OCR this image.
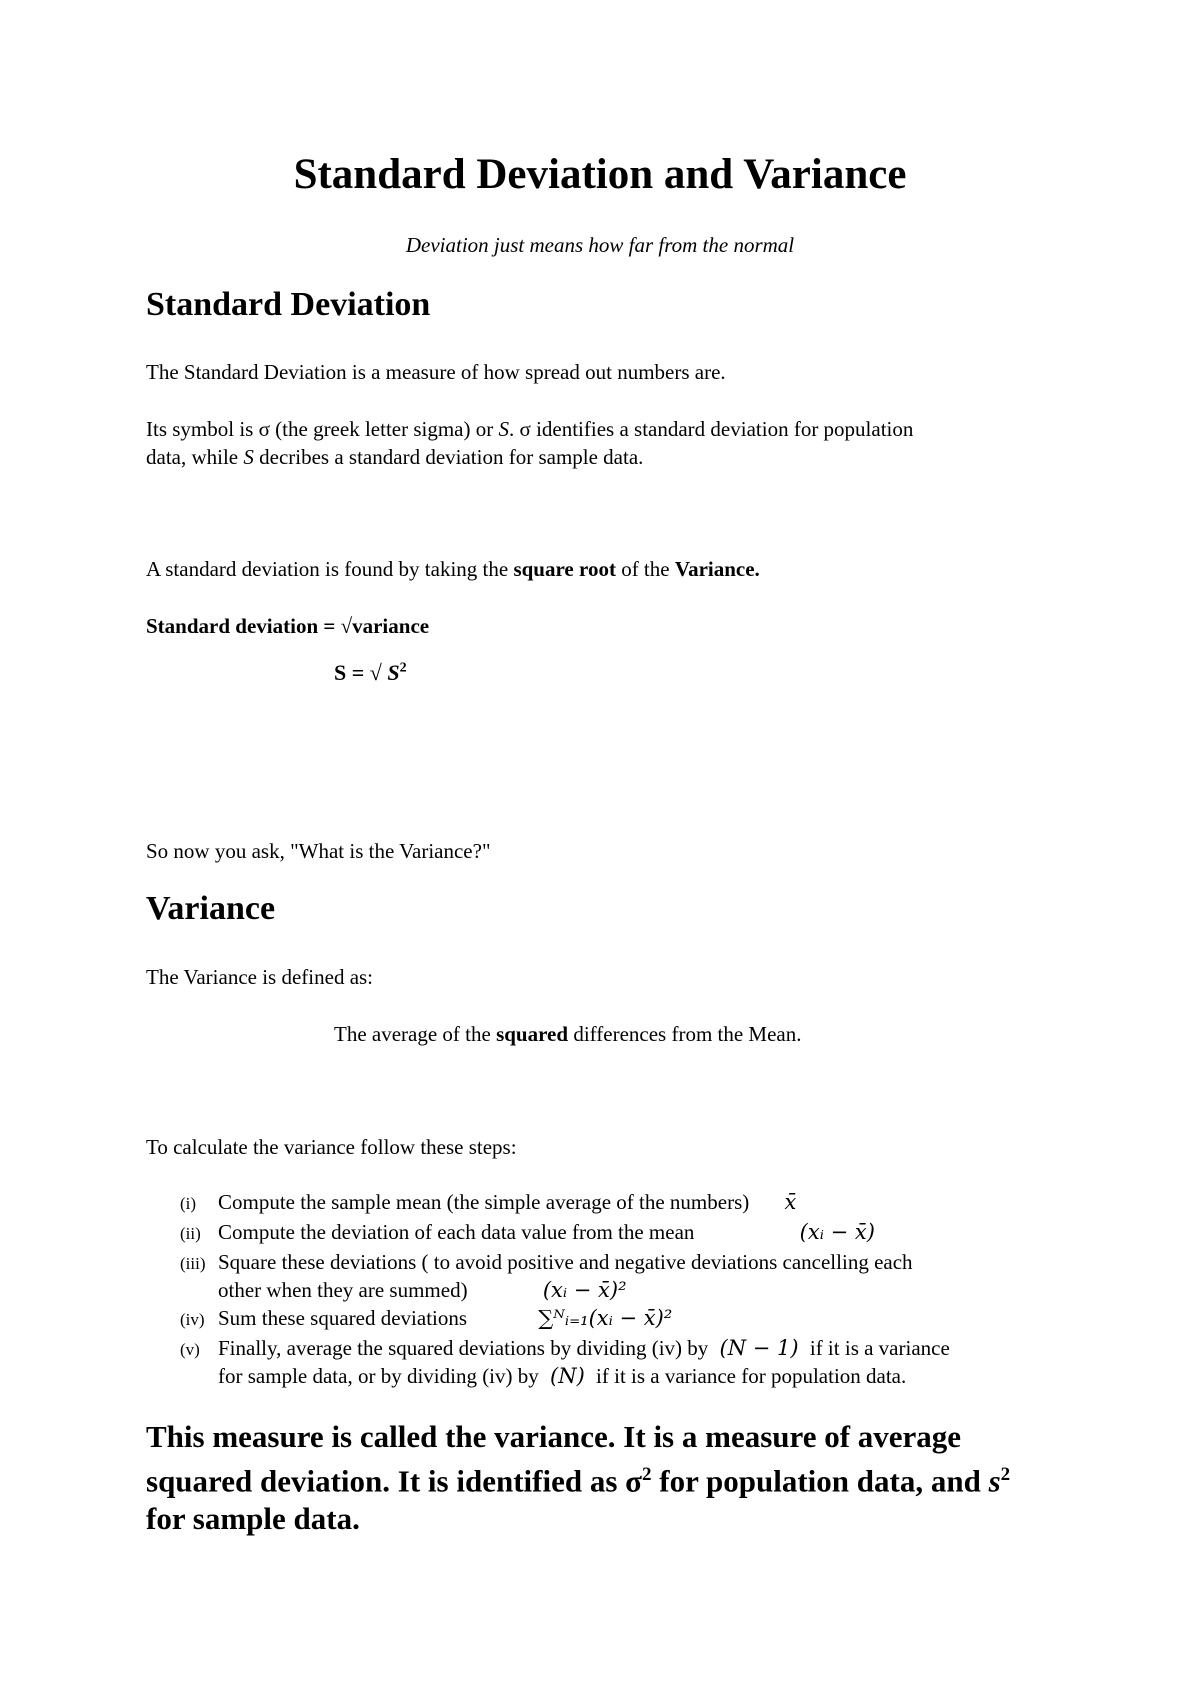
Standard Deviation and Variance
Deviation just means how far from the normal
Standard Deviation
The Standard Deviation is a measure of how spread out numbers are.
Its symbol is σ (the greek letter sigma) or S. σ identifies a standard deviation for population
data, while S decribes a standard deviation for sample data.
A standard deviation is found by taking the square root of the Variance.
Standard deviation = √variance
S = √ $S^2$
So now you ask, "What is the Variance?"
Variance
The Variance is defined as:
The average of the squared differences from the Mean.
To calculate the variance follow these steps:
(i)	Compute the sample mean (the simple average of the numbers) x̄
(ii) Compute the deviation of each data value from the mean	(xᵢ − x̄)
(iii) Square these deviations ( to avoid positive and negative deviations cancelling each
other when they are summed)	(xᵢ − x̄)²
(iv) Sum these squared deviations	∑ᴺᵢ₌₁(xᵢ − x̄)²
(v) Finally, average the squared deviations by dividing (iv) by (N − 1) if it is a variance
for sample data, or by dividing (iv) by (N) if it is a variance for population data.
This measure is called the variance. It is a measure of average
squared deviation. It is identified as $\sigma^2$ for population data, and $s^2$
for sample data.
